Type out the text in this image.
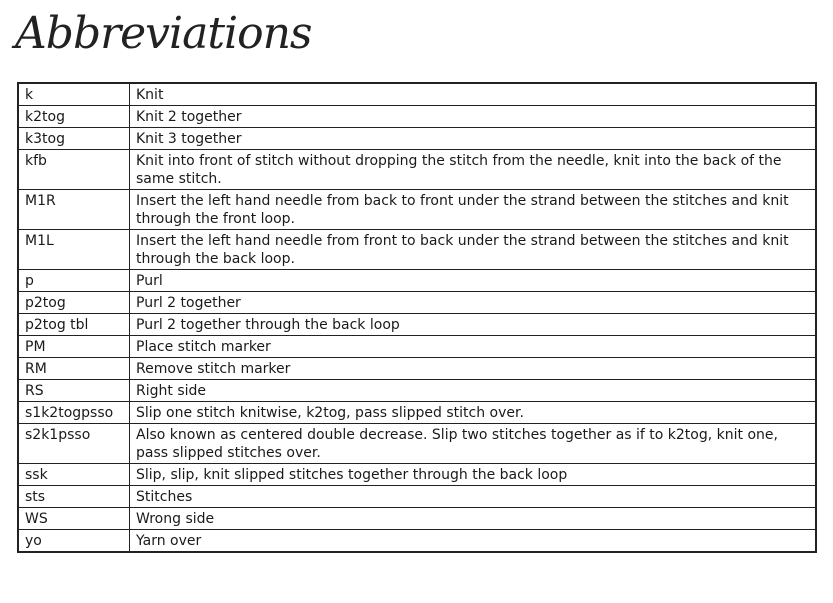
Abbreviations
k	Knit
k2tog	Knit 2 together
k3tog	Knit 3 together
kfb	Knit into front of stitch without dropping the stitch from the needle, knit into the back of the same stitch.
M1R	Insert the left hand needle from back to front under the strand between the stitches and knit through the front loop.
M1L	Insert the left hand needle from front to back under the strand between the stitches and knit through the back loop.
p	Purl
p2tog	Purl 2 together
p2tog tbl	Purl 2 together through the back loop
PM	Place stitch marker
RM	Remove stitch marker
RS	Right side
s1k2togpsso	Slip one stitch knitwise, k2tog, pass slipped stitch over.
s2k1psso	Also known as centered double decrease. Slip two stitches together as if to k2tog, knit one, pass slipped stitches over.
ssk	Slip, slip, knit slipped stitches together through the back loop
sts	Stitches
WS	Wrong side
yo	Yarn over
